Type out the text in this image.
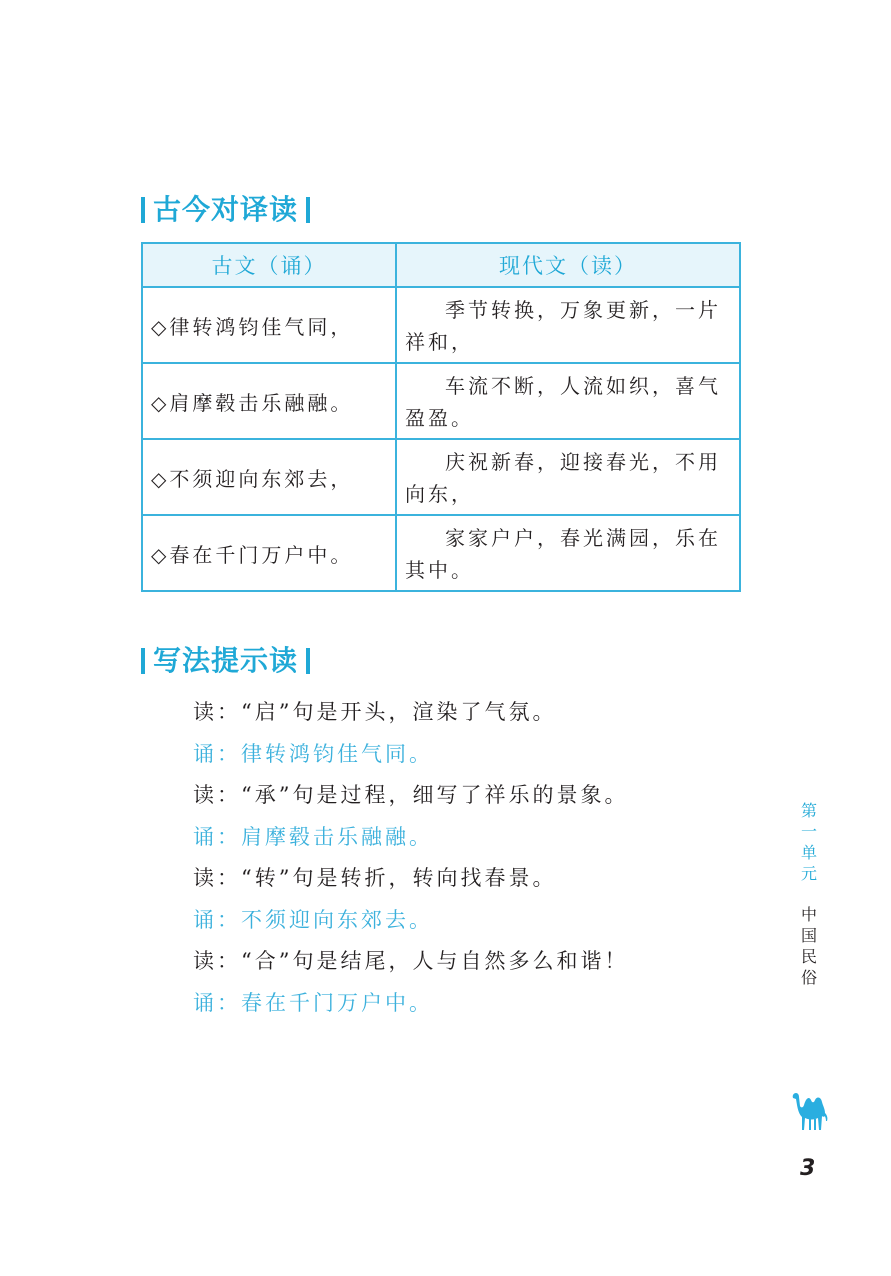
古今对译读
古文（诵）	现代文（读）
◇律转鸿钧佳气同，	季节转换，万象更新，一片祥和，
◇肩摩毂击乐融融。	车流不断，人流如织，喜气盈盈。
◇不须迎向东郊去，	庆祝新春，迎接春光，不用向东，
◇春在千门万户中。	家家户户，春光满园，乐在其中。
写法提示读
读：“启”句是开头，渲染了气氛。
诵：律转鸿钧佳气同。
读：“承”句是过程，细写了祥乐的景象。
诵：肩摩毂击乐融融。
读：“转”句是转折，转向找春景。
诵：不须迎向东郊去。
读：“合”句是结尾，人与自然多么和谐！
诵：春在千门万户中。
第一单元
中国民俗
3
